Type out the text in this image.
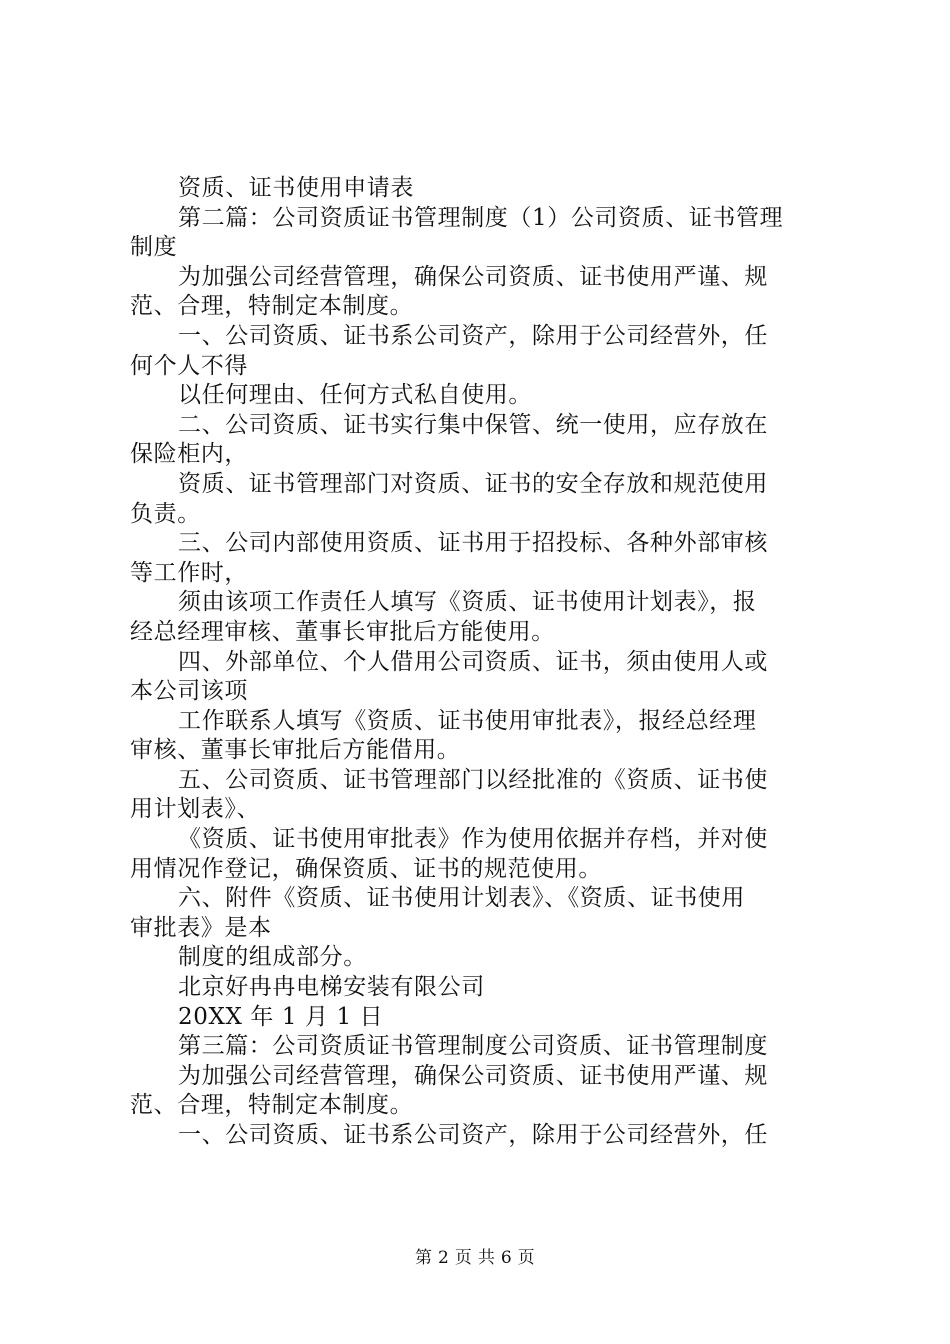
资质、证书使用申请表
第二篇：公司资质证书管理制度（1）公司资质、证书管理
制度
为加强公司经营管理，确保公司资质、证书使用严谨、规
范、合理，特制定本制度。
一、公司资质、证书系公司资产，除用于公司经营外，任
何个人不得
以任何理由、任何方式私自使用。
二、公司资质、证书实行集中保管、统一使用，应存放在
保险柜内，
资质、证书管理部门对资质、证书的安全存放和规范使用
负责。
三、公司内部使用资质、证书用于招投标、各种外部审核
等工作时，
须由该项工作责任人填写《资质、证书使用计划表》，报
经总经理审核、董事长审批后方能使用。
四、外部单位、个人借用公司资质、证书，须由使用人或
本公司该项
工作联系人填写《资质、证书使用审批表》，报经总经理
审核、董事长审批后方能借用。
五、公司资质、证书管理部门以经批准的《资质、证书使
用计划表》、
《资质、证书使用审批表》作为使用依据并存档，并对使
用情况作登记，确保资质、证书的规范使用。
六、附件《资质、证书使用计划表》、《资质、证书使用
审批表》是本
制度的组成部分。
北京好冉冉电梯安装有限公司
20XX 年 1 月 1 日
第三篇：公司资质证书管理制度公司资质、证书管理制度
为加强公司经营管理，确保公司资质、证书使用严谨、规
范、合理，特制定本制度。
一、公司资质、证书系公司资产，除用于公司经营外，任
第 2 页 共 6 页
